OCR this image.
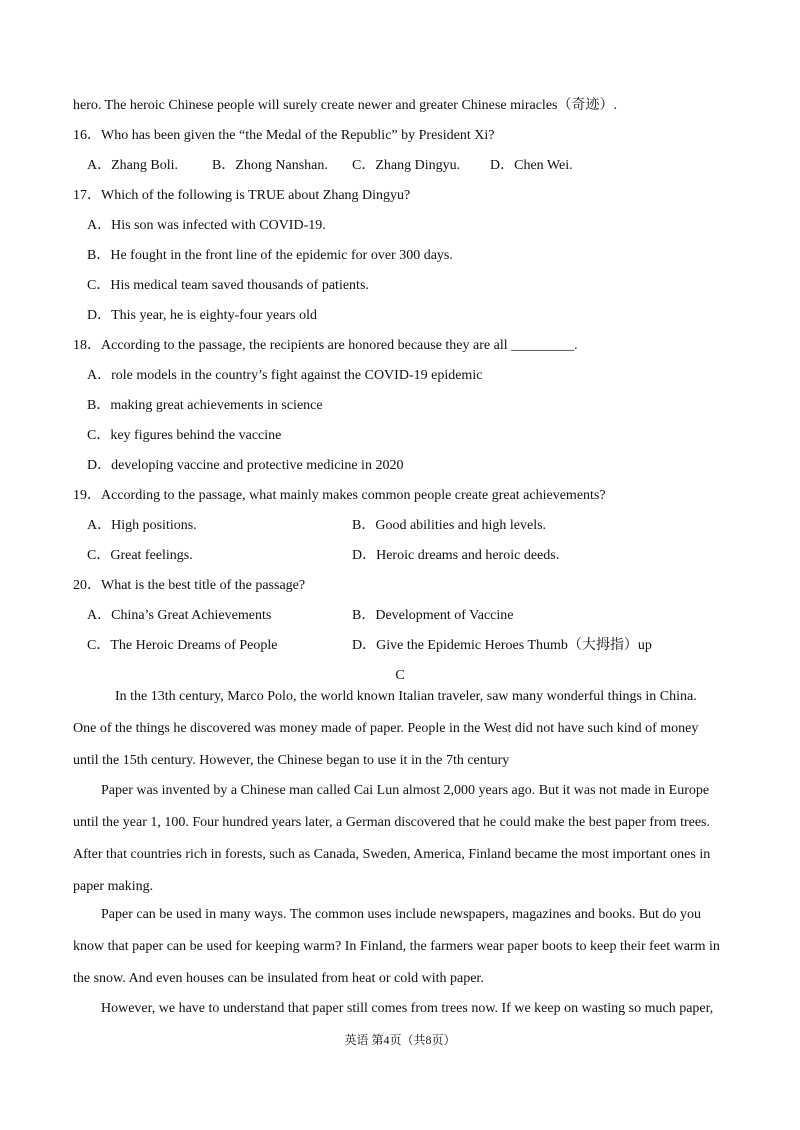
hero. The heroic Chinese people will surely create newer and greater Chinese miracles（奇迹）.
16．Who has been given the “the Medal of the Republic” by President Xi?
A．Zhang Boli. B．Zhong Nanshan. C．Zhang Dingyu. D．Chen Wei.
17．Which of the following is TRUE about Zhang Dingyu?
A．His son was infected with COVID-19.
B．He fought in the front line of the epidemic for over 300 days.
C．His medical team saved thousands of patients.
D．This year, he is eighty-four years old
18．According to the passage, the recipients are honored because they are all _________.
A．role models in the country’s fight against the COVID-19 epidemic
B．making great achievements in science
C．key figures behind the vaccine
D．developing vaccine and protective medicine in 2020
19．According to the passage, what mainly makes common people create great achievements?
A．High positions.	B．Good abilities and high levels.
C．Great feelings.	D．Heroic dreams and heroic deeds.
20．What is the best title of the passage?
A．China’s Great Achievements	B．Development of Vaccine
C．The Heroic Dreams of People	D．Give the Epidemic Heroes Thumb（大拇指）up
C
In the 13th century, Marco Polo, the world known Italian traveler, saw many wonderful things in China.
One of the things he discovered was money made of paper. People in the West did not have such kind of money
until the 15th century. However, the Chinese began to use it in the 7th century
Paper was invented by a Chinese man called Cai Lun almost 2,000 years ago. But it was not made in Europe
until the year 1, 100. Four hundred years later, a German discovered that he could make the best paper from trees.
After that countries rich in forests, such as Canada, Sweden, America, Finland became the most important ones in
paper making.
Paper can be used in many ways. The common uses include newspapers, magazines and books. But do you
know that paper can be used for keeping warm? In Finland, the farmers wear paper boots to keep their feet warm in
the snow. And even houses can be insulated from heat or cold with paper.
However, we have to understand that paper still comes from trees now. If we keep on wasting so much paper,
英语 第4页（共8页）
